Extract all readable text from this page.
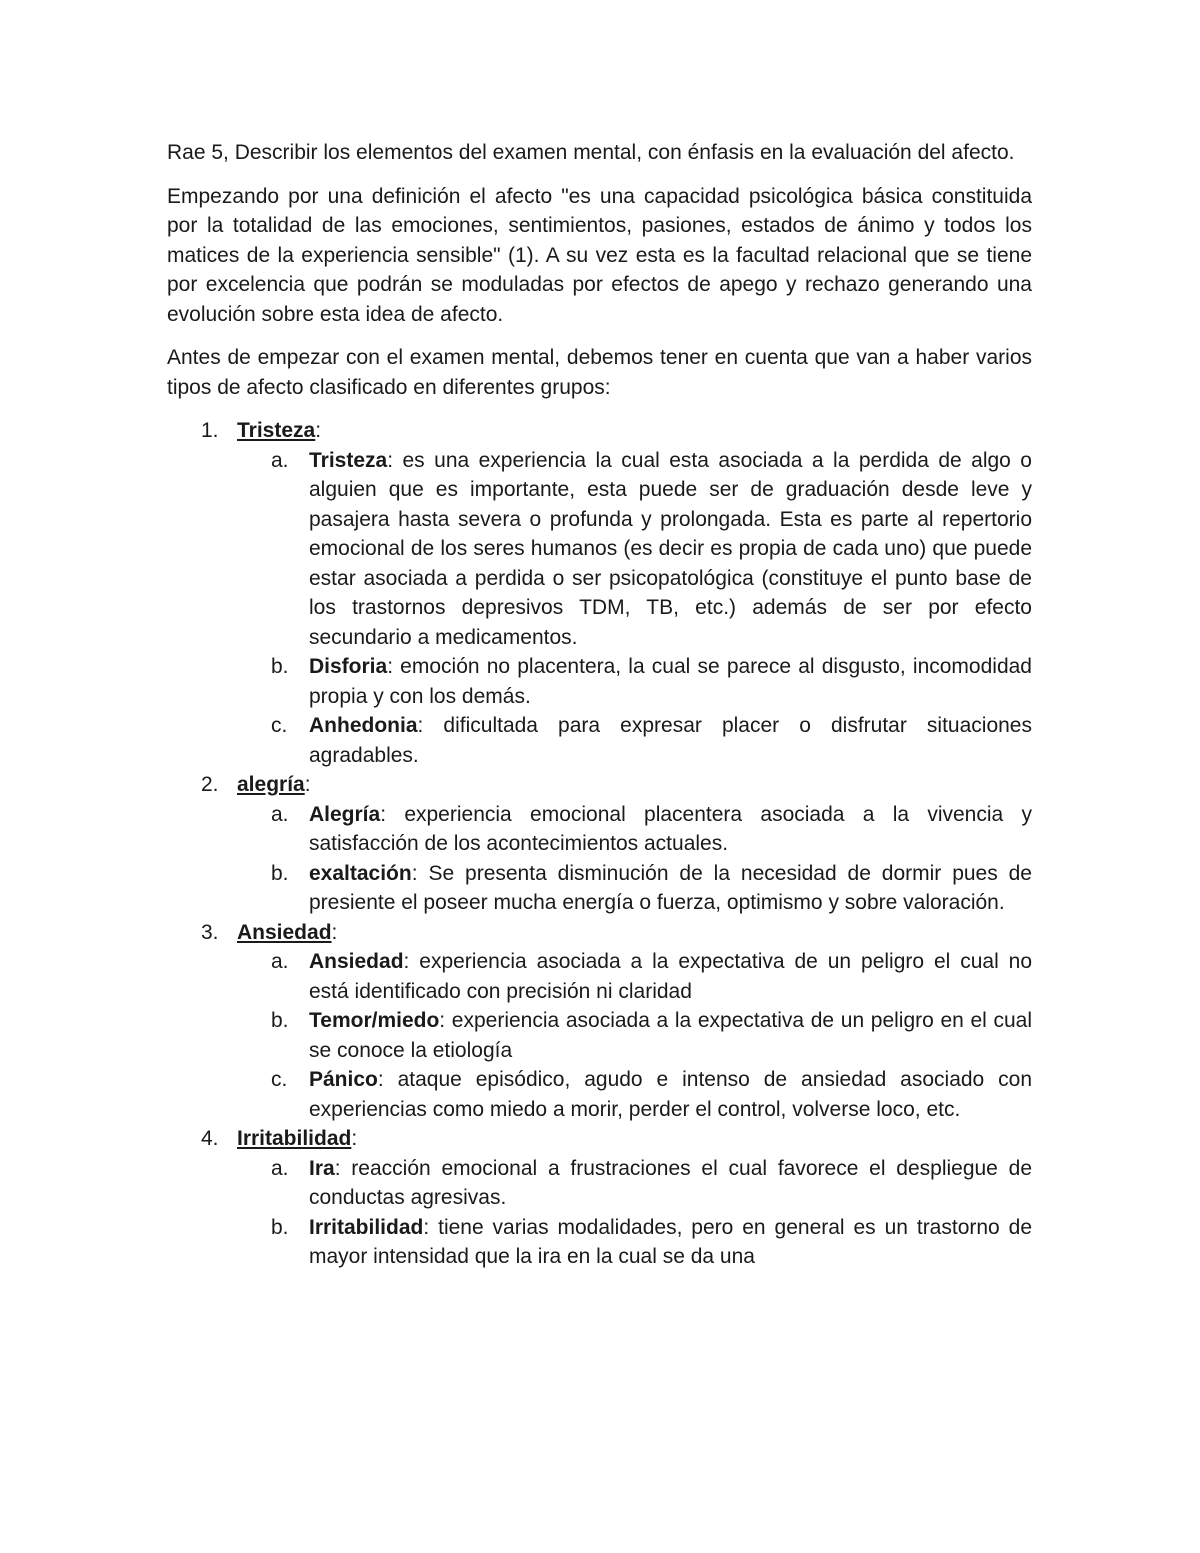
Rae 5, Describir los elementos del examen mental, con énfasis en la evaluación del afecto.

Empezando por una definición el afecto "es una capacidad psicológica básica constituida por la totalidad de las emociones, sentimientos, pasiones, estados de ánimo y todos los matices de la experiencia sensible" (1). A su vez esta es la facultad relacional que se tiene por excelencia que podrán se moduladas por efectos de apego y rechazo generando una evolución sobre esta idea de afecto.

Antes de empezar con el examen mental, debemos tener en cuenta que van a haber varios tipos de afecto clasificado en diferentes grupos:

1. Tristeza:
a. Tristeza: es una experiencia la cual esta asociada a la perdida de algo o alguien que es importante, esta puede ser de graduación desde leve y pasajera hasta severa o profunda y prolongada. Esta es parte al repertorio emocional de los seres humanos (es decir es propia de cada uno) que puede estar asociada a perdida o ser psicopatológica (constituye el punto base de los trastornos depresivos TDM, TB, etc.) además de ser por efecto secundario a medicamentos.
b. Disforia: emoción no placentera, la cual se parece al disgusto, incomodidad propia y con los demás.
c. Anhedonia: dificultada para expresar placer o disfrutar situaciones agradables.
2. alegría:
a. Alegría: experiencia emocional placentera asociada a la vivencia y satisfacción de los acontecimientos actuales.
b. exaltación: Se presenta disminución de la necesidad de dormir pues de presiente el poseer mucha energía o fuerza, optimismo y sobre valoración.
3. Ansiedad:
a. Ansiedad: experiencia asociada a la expectativa de un peligro el cual no está identificado con precisión ni claridad
b. Temor/miedo: experiencia asociada a la expectativa de un peligro en el cual se conoce la etiología
c. Pánico: ataque episódico, agudo e intenso de ansiedad asociado con experiencias como miedo a morir, perder el control, volverse loco, etc.
4. Irritabilidad:
a. Ira: reacción emocional a frustraciones el cual favorece el despliegue de conductas agresivas.
b. Irritabilidad: tiene varias modalidades, pero en general es un trastorno de mayor intensidad que la ira en la cual se da una
